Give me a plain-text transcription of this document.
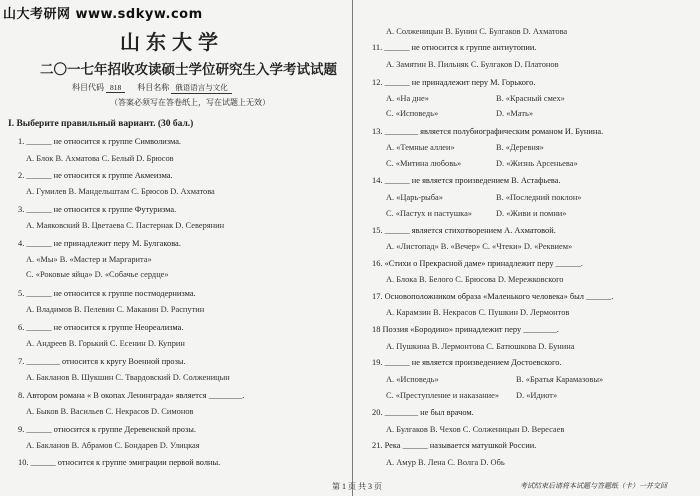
山大考研网 www.sdkyw.com
山东大学
二〇一七年招收攻读硕士学位研究生入学考试试题
科目代码 818 科目名称 俄语语言与文化
（答案必须写在答卷纸上，写在试题上无效）
I. Выберите правильный вариант. (30 бал.)
1. ______ не относится к группе Символизма.
А. Блок В. Ахматова С. Белый D. Брюсов
2. ______ не относится к группе Акмеизма.
А. Гумилев В. Мандельштам С. Брюсов D. Ахматова
3. ______ не относится к группе Футуризма.
А. Маяковский В. Цветаева С. Пастернак D. Северянин
4. ______ не принадлежит перу М. Булгакова.
А. «Мы» В. «Мастер и Маргарита»
С. «Роковые яйца» D. «Собачье сердце»
5. ______ не относится к группе постмодернизма.
А. Владимов В. Пелевин С. Маканин D. Распутин
6. ______ не относится к группе Неореализма.
А. Андреев В. Горький С. Есенин D. Куприн
7. ________ относится к кругу Военной прозы.
А. Бакланов В. Шукшин С. Твардовский D. Солженицын
8. Автором романа « В окопах Ленинграда» является ________.
А. Быков В. Васильев С. Некрасов D. Симонов
9. ______ относится к группе Деревенской прозы.
А. Бакланов В. Абрамов С. Бондарев D. Улицкая
10. ______ относится к группе эмиграции первой волны.
А. Солженицын В. Бунин С. Булгаков D. Ахматова
11. ______ не относится к группе антиутопии.
А. Замятин В. Пильняк С. Булгаков D. Платонов
12. ______ не принадлежит перу М. Горького.
А. «На дне»	В. «Красный смех»
С. «Исповедь»	D. «Мать»
13. ________ является полубиографическим романом И. Бунина.
А. «Темные аллеи»	В. «Деревня»
С. «Митина любовь»	D. «Жизнь Арсеньева»
14. ______ не является произведением В. Астафьева.
А. «Царь-рыба»	В. «Последний поклон»
С. «Пастух и пастушка»	D. «Живи и помни»
15. ______ является стихотворением А. Ахматовой.
А. «Листопад» В. «Вечер» С. «Чтеки» D. «Реквием»
16. «Стихи о Прекрасной даме» принадлежит перу ______.
А. Блока В. Белого С. Брюсова D. Мережковского
17. Основоположником образа «Маленького человека» был ______.
А. Карамзин В. Некрасов С. Пушкин D. Лермонтов
18 Поэзия «Бородино» принадлежит перу ________.
А. Пушкина В. Лермонтова С. Батюшкова D. Бунина
19. ______ не является произведением Достоевского.
А. «Исповедь»	В. «Братья Карамазовы»
С. «Преступление и наказание» D. «Идиот»
20. ________ не был врачом.
А. Булгаков В. Чехов С. Солженицын D. Вересаев
21. Река ______ называется матушкой России.
А. Амур В. Лена С. Волга D. Обь
第 1 页 共 3 页	考试结束后请将本试题与答题纸（卡）一并交回
